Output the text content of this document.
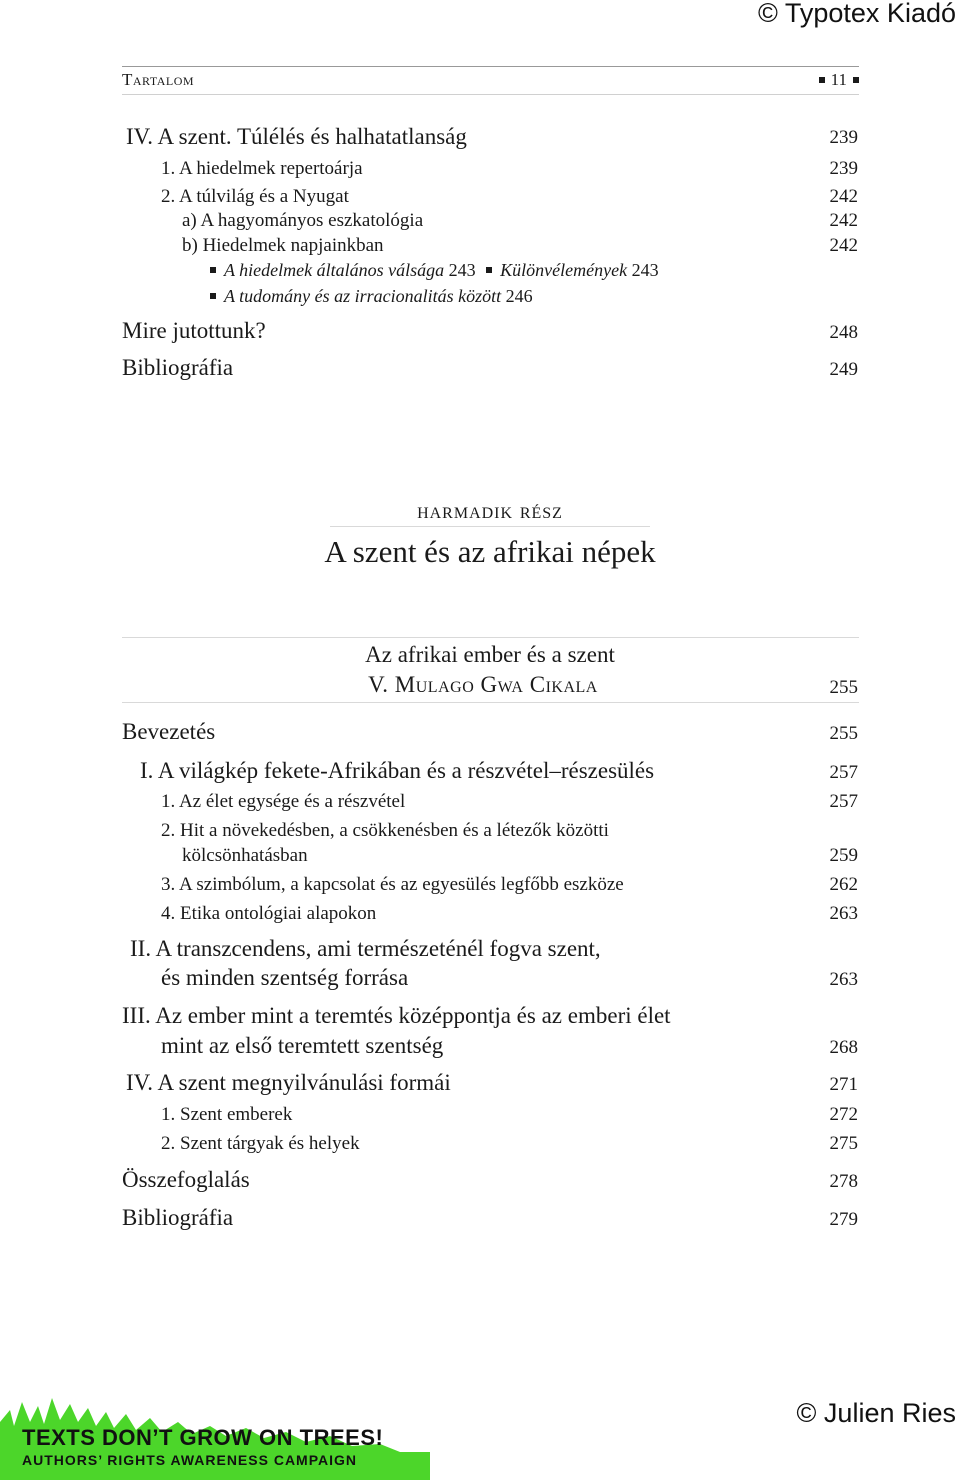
© Typotex Kiadó
Tartalom	11
IV. A szent. Túlélés és halhatatlanság	239
1. A hiedelmek repertoárja	239
2. A túlvilág és a Nyugat	242
a) A hagyományos eszkatológia	242
b) Hiedelmek napjainkban	242
A hiedelmek általános válsága 243 Különvélemények 243
A tudomány és az irracionalitás között 246
Mire jutottunk?	248
Bibliográfia	249
harmadik rész
A szent és az afrikai népek
Az afrikai ember és a szent
V. Mulago Gwa Cikala	255
Bevezetés	255
I. A világkép fekete-Afrikában és a részvétel–részesülés	257
1. Az élet egysége és a részvétel	257
2. Hit a növekedésben, a csökkenésben és a létezők közötti
kölcsönhatásban	259
3. A szimbólum, a kapcsolat és az egyesülés legfőbb eszköze	262
4. Etika ontológiai alapokon	263
II. A transzcendens, ami természeténél fogva szent,
és minden szentség forrása	263
III. Az ember mint a teremtés középpontja és az emberi élet
mint az első teremtett szentség	268
IV. A szent megnyilvánulási formái	271
1. Szent emberek	272
2. Szent tárgyak és helyek	275
Összefoglalás	278
Bibliográfia	279
TEXTS DON’T GROW ON TREES!
AUTHORS’ RIGHTS AWARENESS CAMPAIGN
© Julien Ries
